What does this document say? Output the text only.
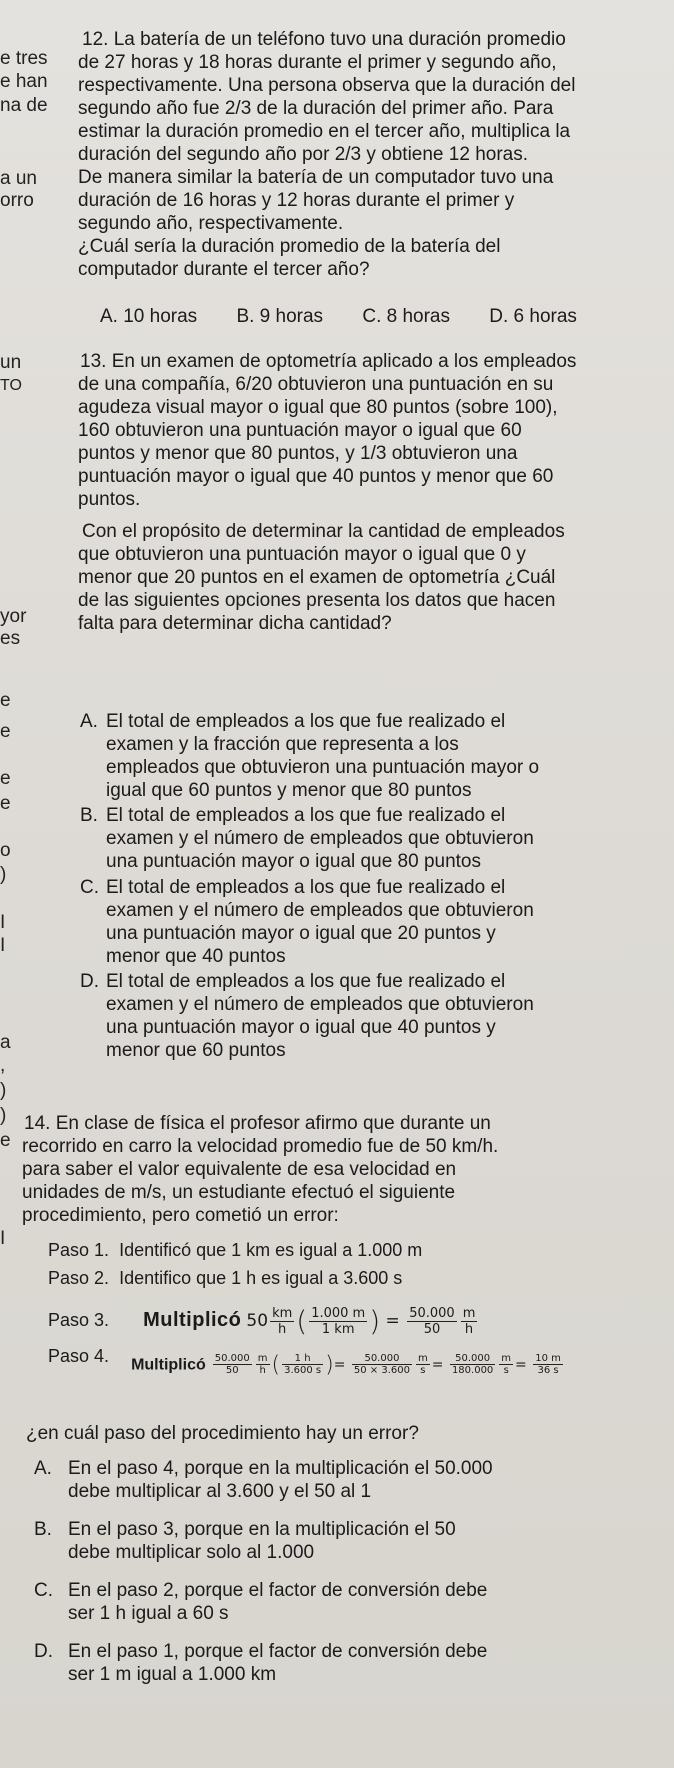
e tres
e han
na de
a un
orro
un
TO
yor
es
e
e
e
e
o
)
I
I
a
,
)
)
e
I
12. La batería de un teléfono tuvo una duración promedio
de 27 horas y 18 horas durante el primer y segundo año,
respectivamente. Una persona observa que la duración del
segundo año fue 2/3 de la duración del primer año. Para
estimar la duración promedio en el tercer año, multiplica la
duración del segundo año por 2/3 y obtiene 12 horas.
De manera similar la batería de un computador tuvo una
duración de 16 horas y 12 horas durante el primer y
segundo año, respectivamente.
¿Cuál sería la duración promedio de la batería del
computador durante el tercer año?
A. 10 horas B. 9 horas C. 8 horas D. 6 horas
13. En un examen de optometría aplicado a los empleados
de una compañía, 6/20 obtuvieron una puntuación en su
agudeza visual mayor o igual que 80 puntos (sobre 100),
160 obtuvieron una puntuación mayor o igual que 60
puntos y menor que 80 puntos, y 1/3 obtuvieron una
puntuación mayor o igual que 40 puntos y menor que 60
puntos.
Con el propósito de determinar la cantidad de empleados
que obtuvieron una puntuación mayor o igual que 0 y
menor que 20 puntos en el examen de optometría ¿Cuál
de las siguientes opciones presenta los datos que hacen
falta para determinar dicha cantidad?
A. El total de empleados a los que fue realizado el
examen y la fracción que representa a los
empleados que obtuvieron una puntuación mayor o
igual que 60 puntos y menor que 80 puntos
B. El total de empleados a los que fue realizado el
examen y el número de empleados que obtuvieron
una puntuación mayor o igual que 80 puntos
C. El total de empleados a los que fue realizado el
examen y el número de empleados que obtuvieron
una puntuación mayor o igual que 20 puntos y
menor que 40 puntos
D. El total de empleados a los que fue realizado el
examen y el número de empleados que obtuvieron
una puntuación mayor o igual que 40 puntos y
menor que 60 puntos
14. En clase de física el profesor afirmo que durante un
recorrido en carro la velocidad promedio fue de 50 km/h.
para saber el valor equivalente de esa velocidad en
unidades de m/s, un estudiante efectuó el siguiente
procedimiento, pero cometió un error:
Paso 1. Identificó que 1 km es igual a 1.000 m
Paso 2. Identifico que 1 h es igual a 3.600 s
Paso 3. Multiplicó $50 \frac{km}{h}$ ( $\frac{1.000 m}{1 km}$ ) = $\frac{50.000}{50} \frac{m}{h}$
Paso 4. Multiplicó $\frac{50.000}{50} \frac{m}{h}$ ( $\frac{1 h}{3.600 s}$ )= $\frac{50.000}{50 \times 3.600} \frac{m}{s} = \frac{50.000}{180.000} \frac{m}{s} = \frac{10 m}{36 s}$
¿en cuál paso del procedimiento hay un error?
A. En el paso 4, porque en la multiplicación el 50.000
debe multiplicar al 3.600 y el 50 al 1
B. En el paso 3, porque en la multiplicación el 50
debe multiplicar solo al 1.000
C. En el paso 2, porque el factor de conversión debe
ser 1 h igual a 60 s
D. En el paso 1, porque el factor de conversión debe
ser 1 m igual a 1.000 km
